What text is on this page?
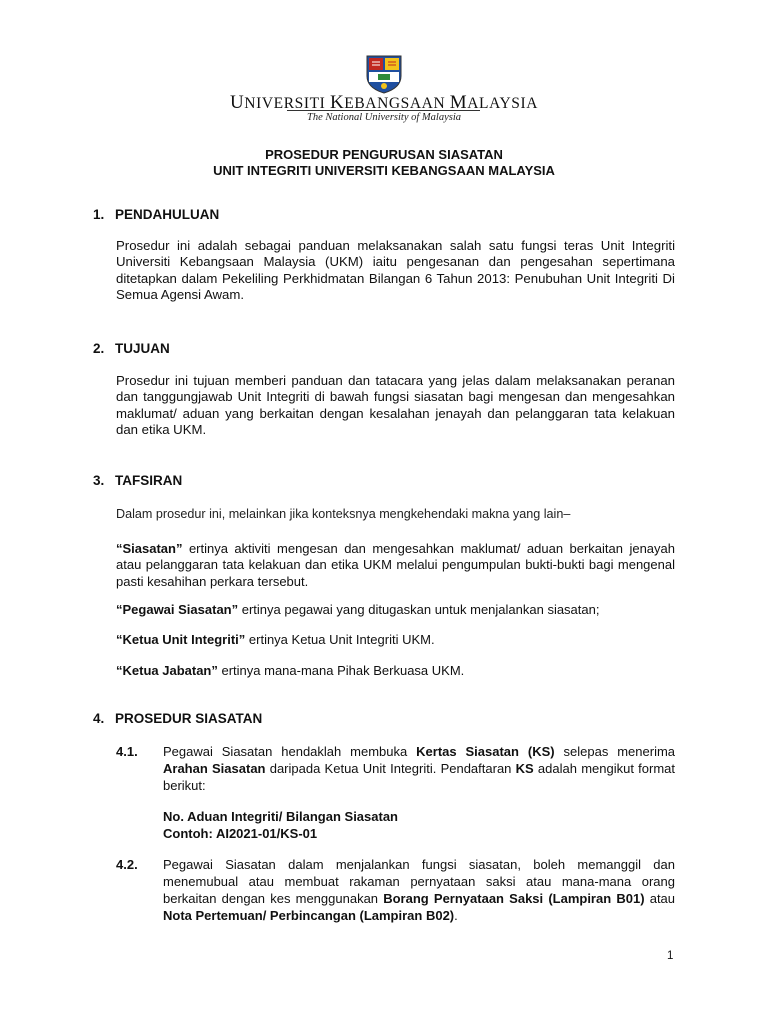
UNIVERSITI KEBANGSAAN MALAYSIA
The National University of Malaysia
PROSEDUR PENGURUSAN SIASATAN
UNIT INTEGRITI UNIVERSITI KEBANGSAAN MALAYSIA
1. PENDAHULUAN

Prosedur ini adalah sebagai panduan melaksanakan salah satu fungsi teras Unit Integriti Universiti Kebangsaan Malaysia (UKM) iaitu pengesanan dan pengesahan sepertimana ditetapkan dalam Pekeliling Perkhidmatan Bilangan 6 Tahun 2013: Penubuhan Unit Integriti Di Semua Agensi Awam.

2. TUJUAN

Prosedur ini tujuan memberi panduan dan tatacara yang jelas dalam melaksanakan peranan dan tanggungjawab Unit Integriti di bawah fungsi siasatan bagi mengesan dan mengesahkan maklumat/ aduan yang berkaitan dengan kesalahan jenayah dan pelanggaran tata kelakuan dan etika UKM.

3. TAFSIRAN
Dalam prosedur ini, melainkan jika konteksnya mengkehendaki makna yang lain–
“Siasatan” ertinya aktiviti mengesan dan mengesahkan maklumat/ aduan berkaitan jenayah atau pelanggaran tata kelakuan dan etika UKM melalui pengumpulan bukti-bukti bagi mengenal pasti kesahihan perkara tersebut.
“Pegawai Siasatan” ertinya pegawai yang ditugaskan untuk menjalankan siasatan;
“Ketua Unit Integriti” ertinya Ketua Unit Integriti UKM.
“Ketua Jabatan” ertinya mana-mana Pihak Berkuasa UKM.
4. PROSEDUR SIASATAN
4.1. Pegawai Siasatan hendaklah membuka Kertas Siasatan (KS) selepas menerima Arahan Siasatan daripada Ketua Unit Integriti. Pendaftaran KS adalah mengikut format berikut:

No. Aduan Integriti/ Bilangan Siasatan
Contoh: AI2021-01/KS-01
4.2. Pegawai Siasatan dalam menjalankan fungsi siasatan, boleh memanggil dan menemubual atau membuat rakaman pernyataan saksi atau mana-mana orang berkaitan dengan kes menggunakan Borang Pernyataan Saksi (Lampiran B01) atau Nota Pertemuan/ Perbincangan (Lampiran B02).

1
